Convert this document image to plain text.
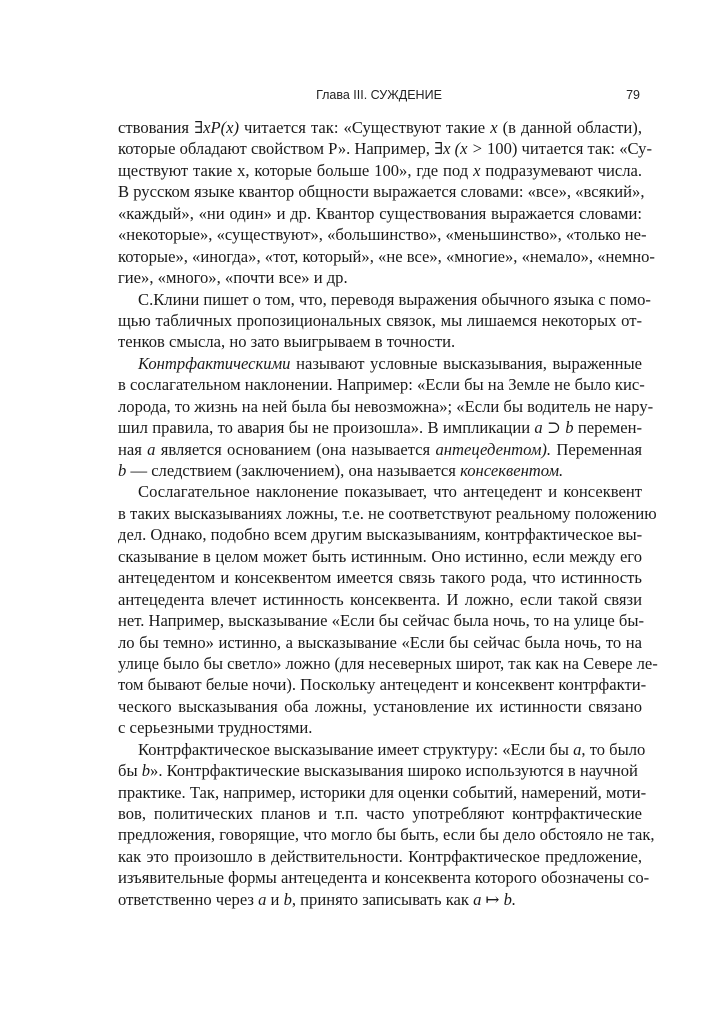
Глава III. СУЖДЕНИЕ	79
ствования ∃xP(x) читается так: «Существуют такие x (в данной области),
которые обладают свойством Р». Например, ∃x (x > 100) читается так: «Су-
ществуют такие х, которые больше 100», где под x подразумевают числа.
В русском языке квантор общности выражается словами: «все», «всякий»,
«каждый», «ни один» и др. Квантор существования выражается словами:
«некоторые», «существуют», «большинство», «меньшинство», «только не-
которые», «иногда», «тот, который», «не все», «многие», «немало», «немно-
гие», «много», «почти все» и др.
С.Клини пишет о том, что, переводя выражения обычного языка с помо-
щью табличных пропозициональных связок, мы лишаемся некоторых от-
тенков смысла, но зато выигрываем в точности.
Контрфактическими называют условные высказывания, выраженные
в сослагательном наклонении. Например: «Если бы на Земле не было кис-
лорода, то жизнь на ней была бы невозможна»; «Если бы водитель не нару-
шил правила, то авария бы не произошла». В импликации a ⊃ b перемен-
ная a является основанием (она называется антецедентом). Переменная
b — следствием (заключением), она называется консеквентом.
Сослагательное наклонение показывает, что антецедент и консеквент
в таких высказываниях ложны, т.е. не соответствуют реальному положению
дел. Однако, подобно всем другим высказываниям, контрфактическое вы-
сказывание в целом может быть истинным. Оно истинно, если между его
антецедентом и консеквентом имеется связь такого рода, что истинность
антецедента влечет истинность консеквента. И ложно, если такой связи
нет. Например, высказывание «Если бы сейчас была ночь, то на улице бы-
ло бы темно» истинно, а высказывание «Если бы сейчас была ночь, то на
улице было бы светло» ложно (для несеверных широт, так как на Севере ле-
том бывают белые ночи). Поскольку антецедент и консеквент контрфакти-
ческого высказывания оба ложны, установление их истинности связано
с серьезными трудностями.
Контрфактическое высказывание имеет структуру: «Если бы a, то было
бы b». Контрфактические высказывания широко используются в научной
практике. Так, например, историки для оценки событий, намерений, моти-
вов, политических планов и т.п. часто употребляют контрфактические
предложения, говорящие, что могло бы быть, если бы дело обстояло не так,
как это произошло в действительности. Контрфактическое предложение,
изъявительные формы антецедента и консеквента которого обозначены со-
ответственно через a и b, принято записывать как a ↦ b.
